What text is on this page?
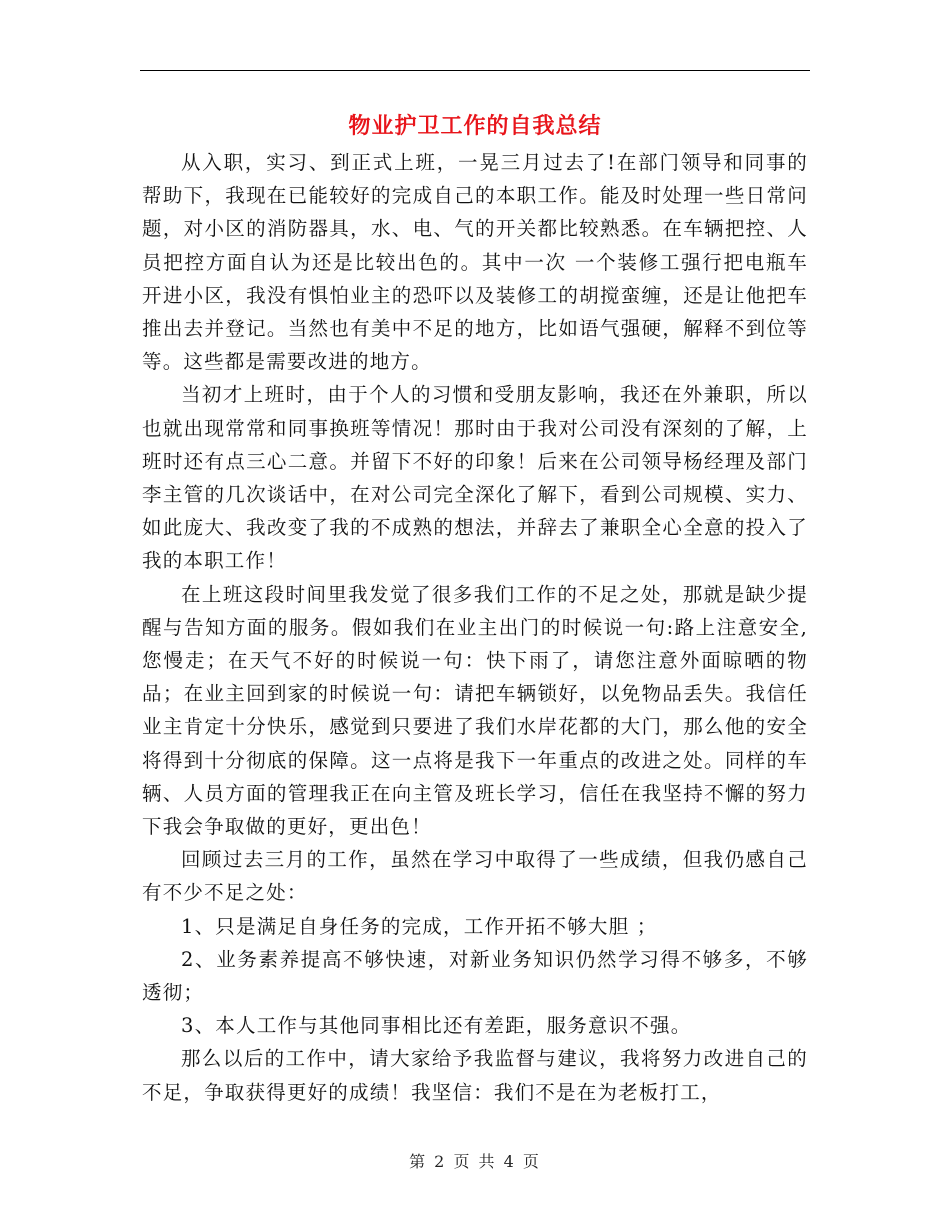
物业护卫工作的自我总结

从入职，实习、到正式上班，一晃三月过去了!在部门领导和同事的帮助下，我现在已能较好的完成自己的本职工作。能及时处理一些日常问题，对小区的消防器具，水、电、气的开关都比较熟悉。在车辆把控、人员把控方面自认为还是比较出色的。其中一次 一个装修工强行把电瓶车开进小区，我没有惧怕业主的恐吓以及装修工的胡搅蛮缠，还是让他把车推出去并登记。当然也有美中不足的地方，比如语气强硬，解释不到位等等。这些都是需要改进的地方。

当初才上班时，由于个人的习惯和受朋友影响，我还在外兼职，所以也就出现常常和同事换班等情况！那时由于我对公司没有深刻的了解，上班时还有点三心二意。并留下不好的印象！后来在公司领导杨经理及部门李主管的几次谈话中，在对公司完全深化了解下，看到公司规模、实力、如此庞大、我改变了我的不成熟的想法，并辞去了兼职全心全意的投入了我的本职工作！

在上班这段时间里我发觉了很多我们工作的不足之处，那就是缺少提醒与告知方面的服务。假如我们在业主出门的时候说一句:路上注意安全,您慢走；在天气不好的时候说一句：快下雨了，请您注意外面晾晒的物品；在业主回到家的时候说一句：请把车辆锁好，以免物品丢失。我信任业主肯定十分快乐，感觉到只要进了我们水岸花都的大门，那么他的安全将得到十分彻底的保障。这一点将是我下一年重点的改进之处。同样的车辆、人员方面的管理我正在向主管及班长学习，信任在我坚持不懈的努力下我会争取做的更好，更出色！

回顾过去三月的工作，虽然在学习中取得了一些成绩，但我仍感自己有不少不足之处：

1、只是满足自身任务的完成，工作开拓不够大胆 ；

2、业务素养提高不够快速，对新业务知识仍然学习得不够多，不够透彻；

3、本人工作与其他同事相比还有差距，服务意识不强。

那么以后的工作中，请大家给予我监督与建议，我将努力改进自己的不足，争取获得更好的成绩！我坚信：我们不是在为老板打工，

第 2 页 共 4 页
